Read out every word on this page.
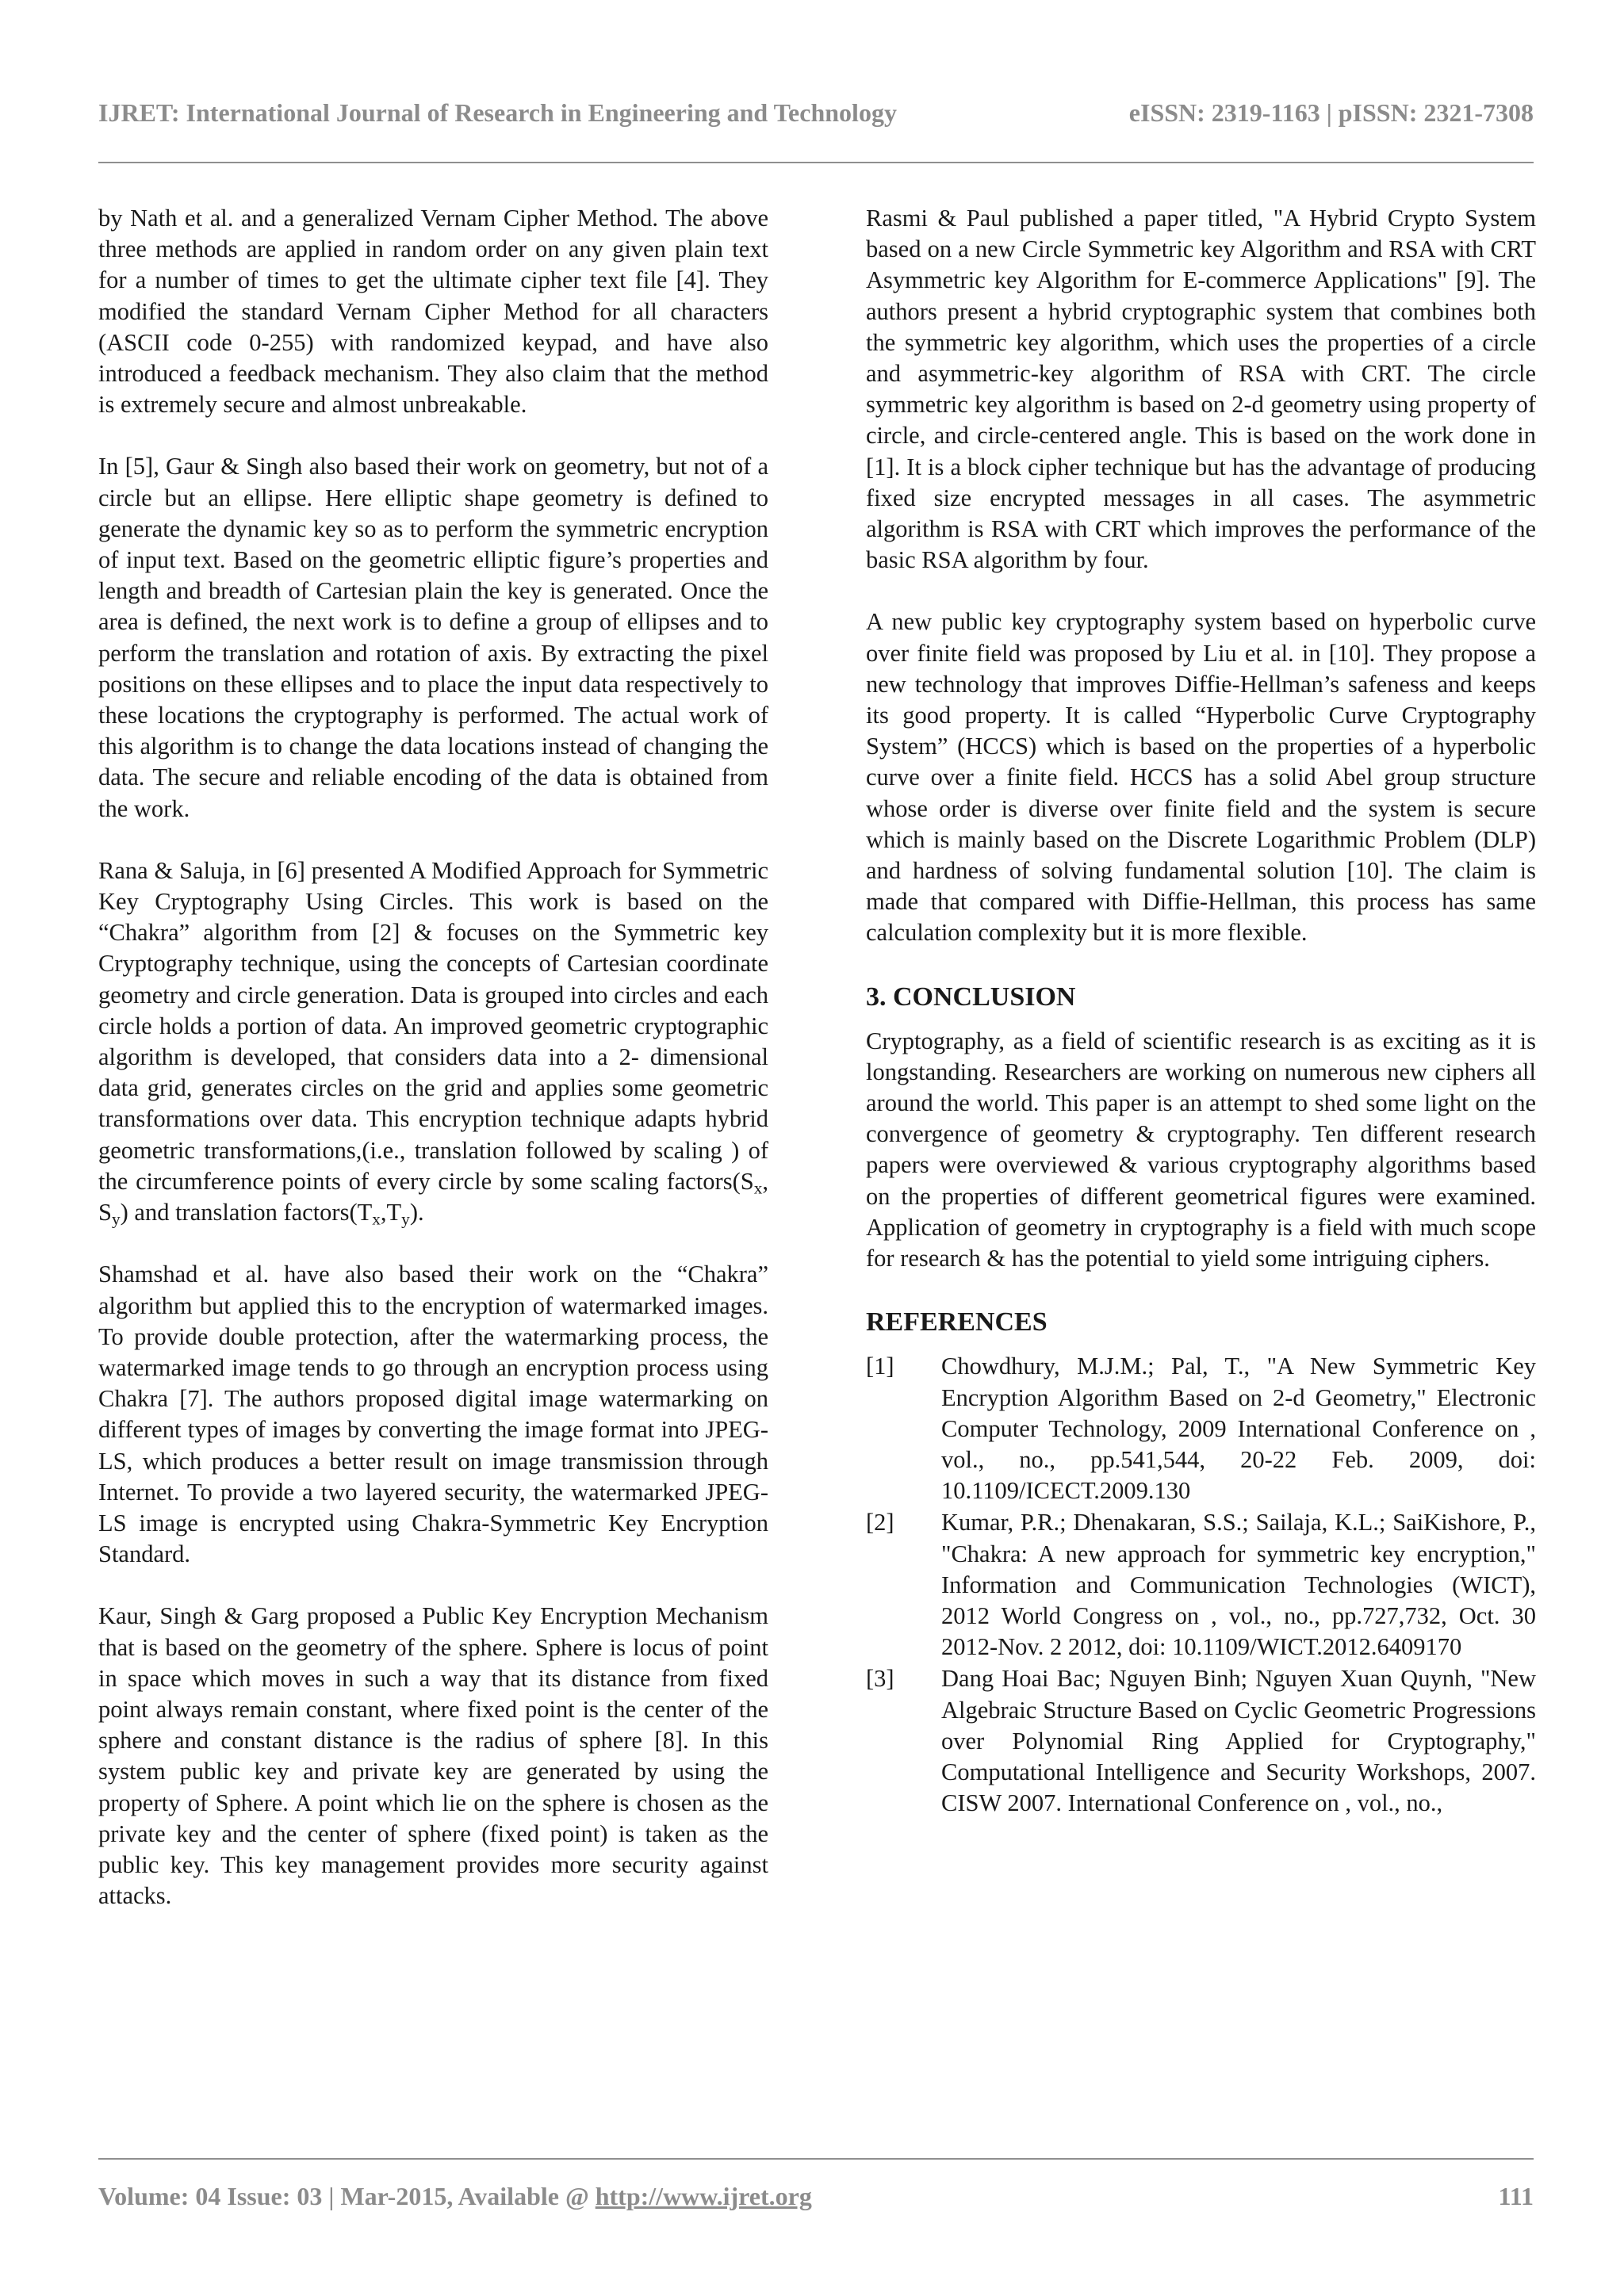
IJRET: International Journal of Research in Engineering and Technology	eISSN: 2319-1163 | pISSN: 2321-7308

by Nath et al. and a generalized Vernam Cipher Method. The above three methods are applied in random order on any given plain text for a number of times to get the ultimate cipher text file [4]. They modified the standard Vernam Cipher Method for all characters (ASCII code 0-255) with randomized keypad, and have also introduced a feedback mechanism. They also claim that the method is extremely secure and almost unbreakable.

In [5], Gaur & Singh also based their work on geometry, but not of a circle but an ellipse. Here elliptic shape geometry is defined to generate the dynamic key so as to perform the symmetric encryption of input text. Based on the geometric elliptic figure’s properties and length and breadth of Cartesian plain the key is generated. Once the area is defined, the next work is to define a group of ellipses and to perform the translation and rotation of axis. By extracting the pixel positions on these ellipses and to place the input data respectively to these locations the cryptography is performed. The actual work of this algorithm is to change the data locations instead of changing the data. The secure and reliable encoding of the data is obtained from the work.

Rana & Saluja, in [6] presented A Modified Approach for Symmetric Key Cryptography Using Circles. This work is based on the “Chakra” algorithm from [2] & focuses on the Symmetric key Cryptography technique, using the concepts of Cartesian coordinate geometry and circle generation. Data is grouped into circles and each circle holds a portion of data. An improved geometric cryptographic algorithm is developed, that considers data into a 2- dimensional data grid, generates circles on the grid and applies some geometric transformations over data. This encryption technique adapts hybrid geometric transformations,(i.e., translation followed by scaling ) of the circumference points of every circle by some scaling $factors(S_x$, $S_y$) and translation $factors(T_x,T_y)$.

Shamshad et al. have also based their work on the “Chakra” algorithm but applied this to the encryption of watermarked images. To provide double protection, after the watermarking process, the watermarked image tends to go through an encryption process using Chakra [7]. The authors proposed digital image watermarking on different types of images by converting the image format into JPEG-LS, which produces a better result on image transmission through Internet. To provide a two layered security, the watermarked JPEG-LS image is encrypted using Chakra-Symmetric Key Encryption Standard.

Kaur, Singh & Garg proposed a Public Key Encryption Mechanism that is based on the geometry of the sphere. Sphere is locus of point in space which moves in such a way that its distance from fixed point always remain constant, where fixed point is the center of the sphere and constant distance is the radius of sphere [8]. In this system public key and private key are generated by using the property of Sphere. A point which lie on the sphere is chosen as the private key and the center of sphere (fixed point) is taken as the public key. This key management provides more security against attacks.

Rasmi & Paul published a paper titled, "A Hybrid Crypto System based on a new Circle Symmetric key Algorithm and RSA with CRT Asymmetric key Algorithm for E-commerce Applications" [9]. The authors present a hybrid cryptographic system that combines both the symmetric key algorithm, which uses the properties of a circle and asymmetric-key algorithm of RSA with CRT. The circle symmetric key algorithm is based on 2-d geometry using property of circle, and circle-centered angle. This is based on the work done in [1]. It is a block cipher technique but has the advantage of producing fixed size encrypted messages in all cases. The asymmetric algorithm is RSA with CRT which improves the performance of the basic RSA algorithm by four.

A new public key cryptography system based on hyperbolic curve over finite field was proposed by Liu et al. in [10]. They propose a new technology that improves Diffie-Hellman’s safeness and keeps its good property. It is called “Hyperbolic Curve Cryptography System” (HCCS) which is based on the properties of a hyperbolic curve over a finite field. HCCS has a solid Abel group structure whose order is diverse over finite field and the system is secure which is mainly based on the Discrete Logarithmic Problem (DLP) and hardness of solving fundamental solution [10]. The claim is made that compared with Diffie-Hellman, this process has same calculation complexity but it is more flexible.

3. CONCLUSION

Cryptography, as a field of scientific research is as exciting as it is longstanding. Researchers are working on numerous new ciphers all around the world. This paper is an attempt to shed some light on the convergence of geometry & cryptography. Ten different research papers were overviewed & various cryptography algorithms based on the properties of different geometrical figures were examined. Application of geometry in cryptography is a field with much scope for research & has the potential to yield some intriguing ciphers.

REFERENCES
[1]	Chowdhury, M.J.M.; Pal, T., "A New Symmetric Key Encryption Algorithm Based on 2-d Geometry," Electronic Computer Technology, 2009 International Conference on , vol., no., pp.541,544, 20-22 Feb. 2009, doi: 10.1109/ICECT.2009.130
[2]	Kumar, P.R.; Dhenakaran, S.S.; Sailaja, K.L.; SaiKishore, P., "Chakra: A new approach for symmetric key encryption," Information and Communication Technologies (WICT), 2012 World Congress on , vol., no., pp.727,732, Oct. 30 2012-Nov. 2 2012, doi: 10.1109/WICT.2012.6409170
[3]	Dang Hoai Bac; Nguyen Binh; Nguyen Xuan Quynh, "New Algebraic Structure Based on Cyclic Geometric Progressions over Polynomial Ring Applied for Cryptography," Computational Intelligence and Security Workshops, 2007. CISW 2007. International Conference on , vol., no.,
Volume: 04 Issue: 03 | Mar-2015, Available @ http://www.ijret.org	111
